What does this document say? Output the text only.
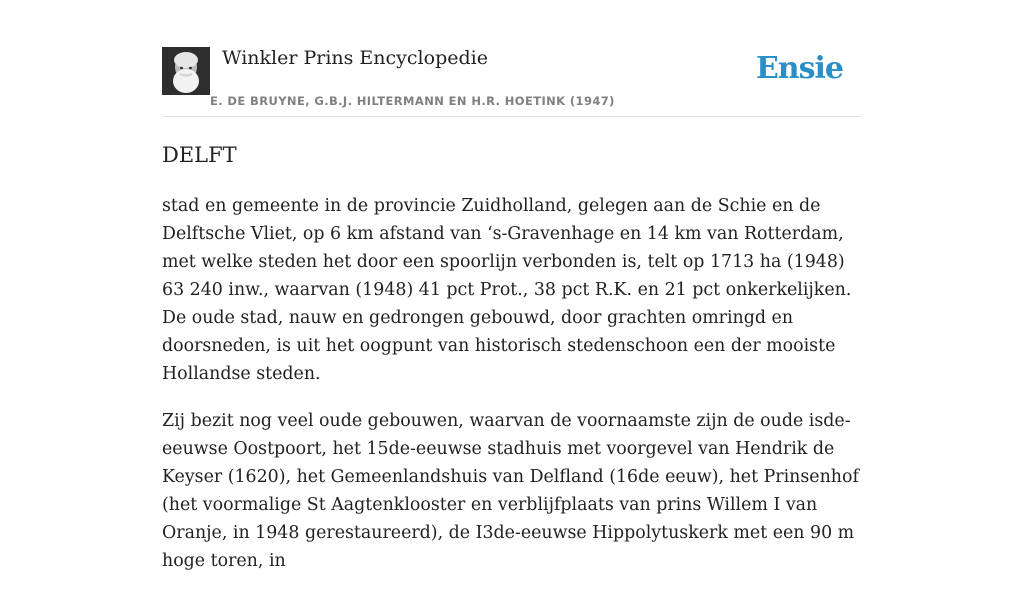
Winkler Prins Encyclopedie
E. DE BRUYNE, G.B.J. HILTERMANN EN H.R. HOETINK (1947)
Ensie
DELFT

stad en gemeente in de provincie Zuidholland, gelegen aan de Schie en de Delftsche Vliet, op 6 km afstand van ‘s-Gravenhage en 14 km van Rotterdam, met welke steden het door een spoorlijn verbonden is, telt op 1713 ha (1948) 63 240 inw., waarvan (1948) 41 pct Prot., 38 pct R.K. en 21 pct onkerkelijken. De oude stad, nauw en gedrongen gebouwd, door grachten omringd en doorsneden, is uit het oogpunt van historisch stedenschoon een der mooiste Hollandse steden.

Zij bezit nog veel oude gebouwen, waarvan de voornaamste zijn de oude isde-eeuwse Oostpoort, het 15de-eeuwse stadhuis met voorgevel van Hendrik de Keyser (1620), het Gemeenlandshuis van Delfland (16de eeuw), het Prinsenhof (het voormalige St Aagtenklooster en verblijfplaats van prins Willem I van Oranje, in 1948 gerestaureerd), de I3de-eeuwse Hippolytuskerk met een 90 m hoge toren, in
